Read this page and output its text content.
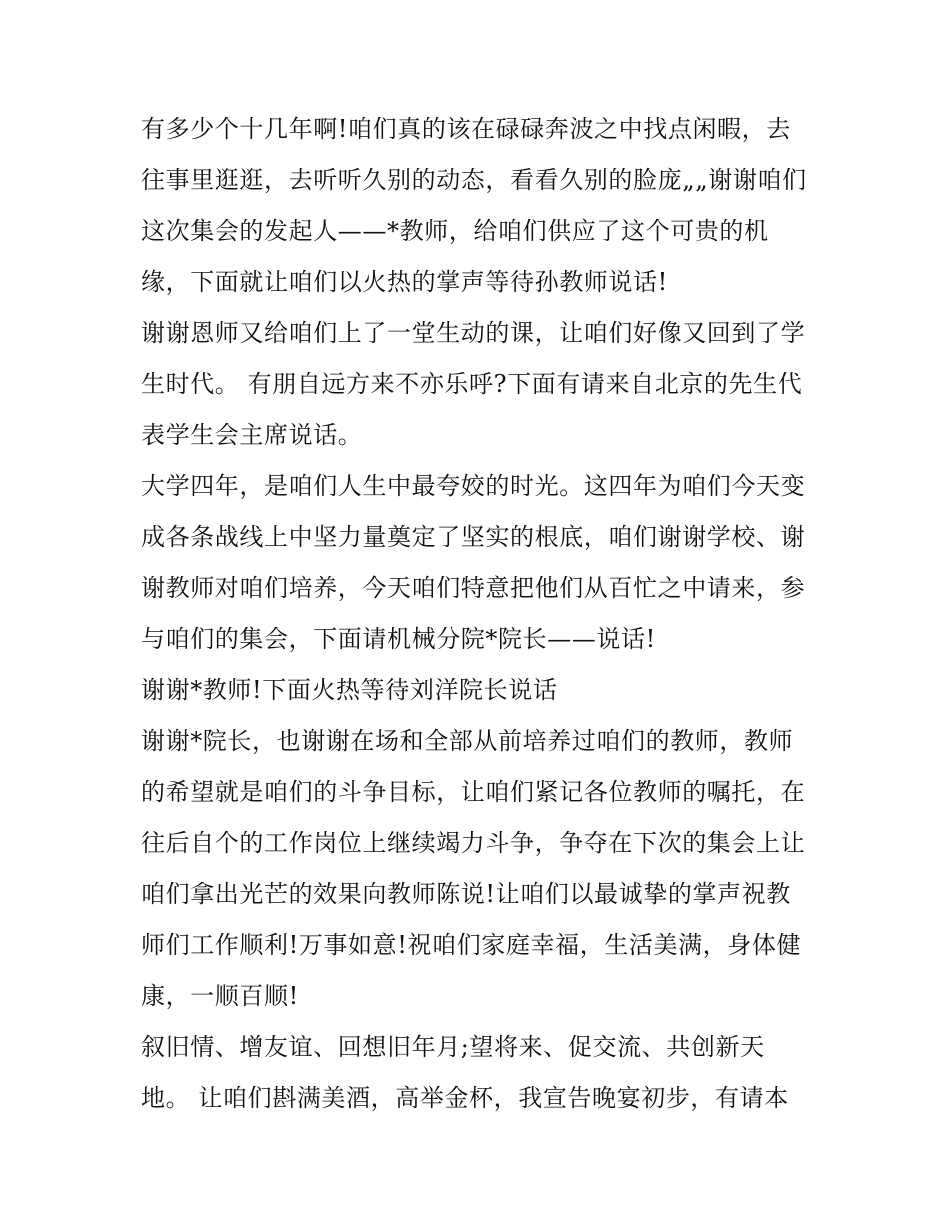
有多少个十几年啊!咱们真的该在碌碌奔波之中找点闲暇，去
往事里逛逛，去听听久别的动态，看看久别的脸庞„„谢谢咱们
这次集会的发起人——*教师，给咱们供应了这个可贵的机
缘，下面就让咱们以火热的掌声等待孙教师说话!
谢谢恩师又给咱们上了一堂生动的课，让咱们好像又回到了学
生时代。 有朋自远方来不亦乐呼?下面有请来自北京的先生代
表学生会主席说话。
大学四年，是咱们人生中最夸姣的时光。这四年为咱们今天变
成各条战线上中坚力量奠定了坚实的根底，咱们谢谢学校、谢
谢教师对咱们培养，今天咱们特意把他们从百忙之中请来，参
与咱们的集会，下面请机械分院*院长——说话!
谢谢*教师!下面火热等待刘洋院长说话
谢谢*院长，也谢谢在场和全部从前培养过咱们的教师，教师
的希望就是咱们的斗争目标，让咱们紧记各位教师的嘱托，在
往后自个的工作岗位上继续竭力斗争，争夺在下次的集会上让
咱们拿出光芒的效果向教师陈说!让咱们以最诚挚的掌声祝教
师们工作顺利!万事如意!祝咱们家庭幸福，生活美满，身体健
康，一顺百顺!
叙旧情、增友谊、回想旧年月;望将来、促交流、共创新天
地。 让咱们斟满美酒，高举金杯，我宣告晚宴初步，有请本
